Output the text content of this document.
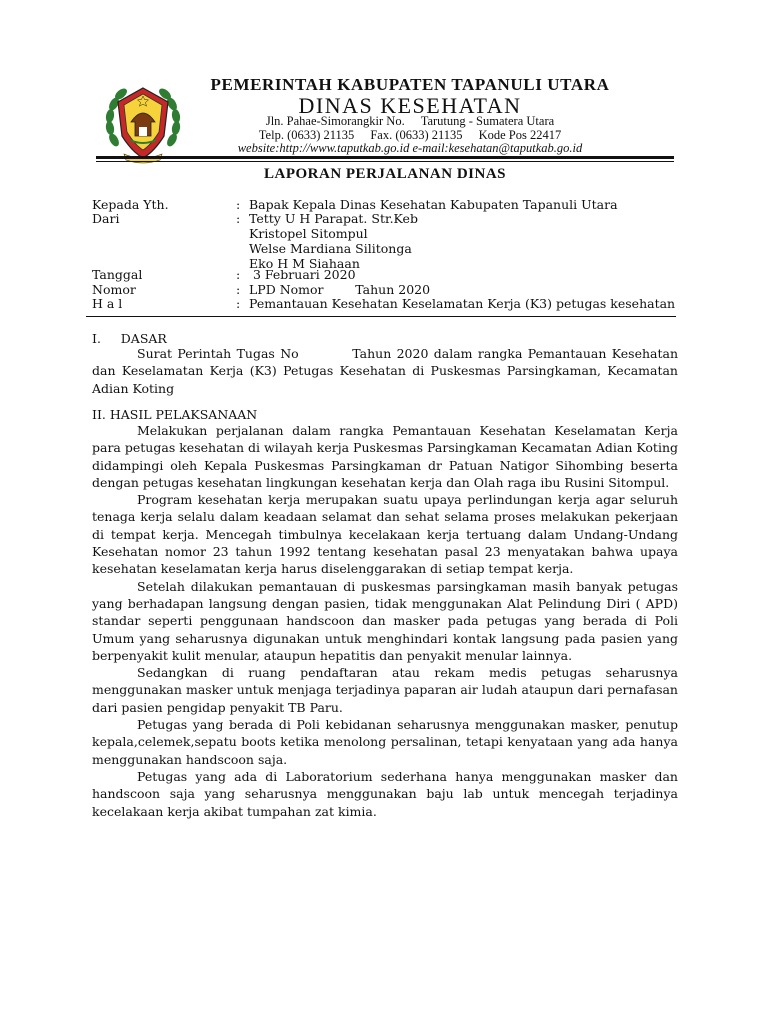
PEMERINTAH KABUPATEN TAPANULI UTARA
DINAS KESEHATAN
Jln. Pahae-Simorangkir No. Tarutung - Sumatera Utara
Telp. (0633) 21135 Fax. (0633) 21135 Kode Pos 22417
website:http://www.taputkab.go.id e-mail:kesehatan@taputkab.go.id
LAPORAN PERJALANAN DINAS
Kepada Yth.	: Bapak Kepala Dinas Kesehatan Kabupaten Tapanuli Utara
Dari	: Tetty U H Parapat. Str.Keb
Kristopel Sitompul
Welse Mardiana Silitonga
Eko H M Siahaan
Tanggal	: 3 Februari 2020
Nomor	: LPD Nomor        Tahun 2020
H a l	: Pemantauan Kesehatan Keselamatan Kerja (K3) petugas kesehatan
I.     DASAR

Surat Perintah Tugas No          Tahun 2020 dalam rangka Pemantauan Kesehatan dan Keselamatan Kerja (K3) Petugas Kesehatan di Puskesmas Parsingkaman, Kecamatan Adian Koting

II. HASIL PELAKSANAAN

Melakukan perjalanan dalam rangka Pemantauan Kesehatan Keselamatan Kerja para petugas kesehatan di wilayah kerja Puskesmas Parsingkaman Kecamatan Adian Koting didampingi oleh Kepala Puskesmas Parsingkaman dr Patuan Natigor Sihombing beserta dengan petugas kesehatan lingkungan kesehatan kerja dan Olah raga ibu Rusini Sitompul.

Program kesehatan kerja merupakan suatu upaya perlindungan kerja agar seluruh tenaga kerja selalu dalam keadaan selamat dan sehat selama proses melakukan pekerjaan di tempat kerja. Mencegah timbulnya kecelakaan kerja tertuang dalam Undang-Undang Kesehatan nomor 23 tahun 1992 tentang kesehatan pasal 23 menyatakan bahwa upaya kesehatan keselamatan kerja harus diselenggarakan di setiap tempat kerja.

Setelah dilakukan pemantauan di puskesmas parsingkaman masih banyak petugas yang berhadapan langsung dengan pasien, tidak menggunakan Alat Pelindung Diri ( APD) standar seperti penggunaan handscoon dan masker pada petugas yang berada di Poli Umum yang seharusnya digunakan untuk menghindari kontak langsung pada pasien yang berpenyakit kulit menular, ataupun hepatitis dan penyakit menular lainnya.

Sedangkan di ruang pendaftaran atau rekam medis petugas seharusnya menggunakan masker untuk menjaga terjadinya paparan air ludah ataupun dari pernafasan dari pasien pengidap penyakit TB Paru.

Petugas yang berada di Poli kebidanan seharusnya menggunakan masker, penutup kepala,celemek,sepatu boots ketika menolong persalinan, tetapi kenyataan yang ada hanya menggunakan handscoon saja.

Petugas yang ada di Laboratorium sederhana hanya menggunakan masker dan handscoon saja yang seharusnya menggunakan baju lab untuk mencegah terjadinya kecelakaan kerja akibat tumpahan zat kimia.
